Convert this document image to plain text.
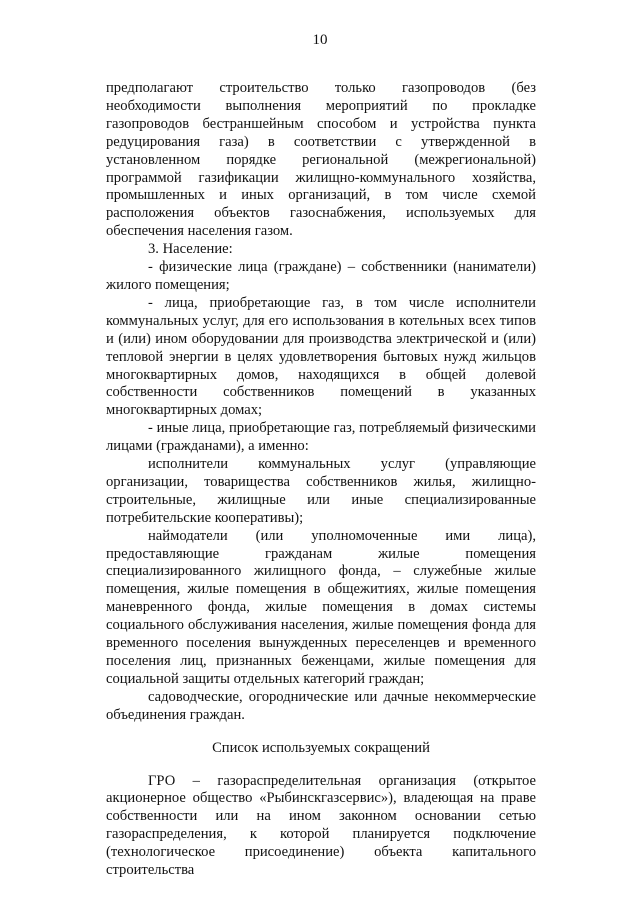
10

предполагают строительство только газопроводов (без необходимости выполнения мероприятий по прокладке газопроводов бестраншейным способом и устройства пункта редуцирования газа) в соответствии с утвержденной в установленном порядке региональной (межрегиональной) программой газификации жилищно-коммунального хозяйства, промышленных и иных организаций, в том числе схемой расположения объектов газоснабжения, используемых для обеспечения населения газом.

3. Население:

- физические лица (граждане) – собственники (наниматели) жилого помещения;

- лица, приобретающие газ, в том числе исполнители коммунальных услуг, для его использования в котельных всех типов и (или) ином оборудовании для производства электрической и (или) тепловой энергии в целях удовлетворения бытовых нужд жильцов многоквартирных домов, находящихся в общей долевой собственности собственников помещений в указанных многоквартирных домах;

- иные лица, приобретающие газ, потребляемый физическими лицами (гражданами), а именно:

исполнители коммунальных услуг (управляющие организации, товарищества собственников жилья, жилищно-строительные, жилищные или иные специализированные потребительские кооперативы);

наймодатели (или уполномоченные ими лица), предоставляющие гражданам жилые помещения специализированного жилищного фонда, – служебные жилые помещения, жилые помещения в общежитиях, жилые помещения маневренного фонда, жилые помещения в домах системы социального обслуживания населения, жилые помещения фонда для временного поселения вынужденных переселенцев и временного поселения лиц, признанных беженцами, жилые помещения для социальной защиты отдельных категорий граждан;

садоводческие, огороднические или дачные некоммерческие объединения граждан.

Список используемых сокращений

ГРО – газораспределительная организация (открытое акционерное общество «Рыбинскгазсервис»), владеющая на праве собственности или на ином законном основании сетью газораспределения, к которой планируется подключение (технологическое присоединение) объекта капитального строительства
